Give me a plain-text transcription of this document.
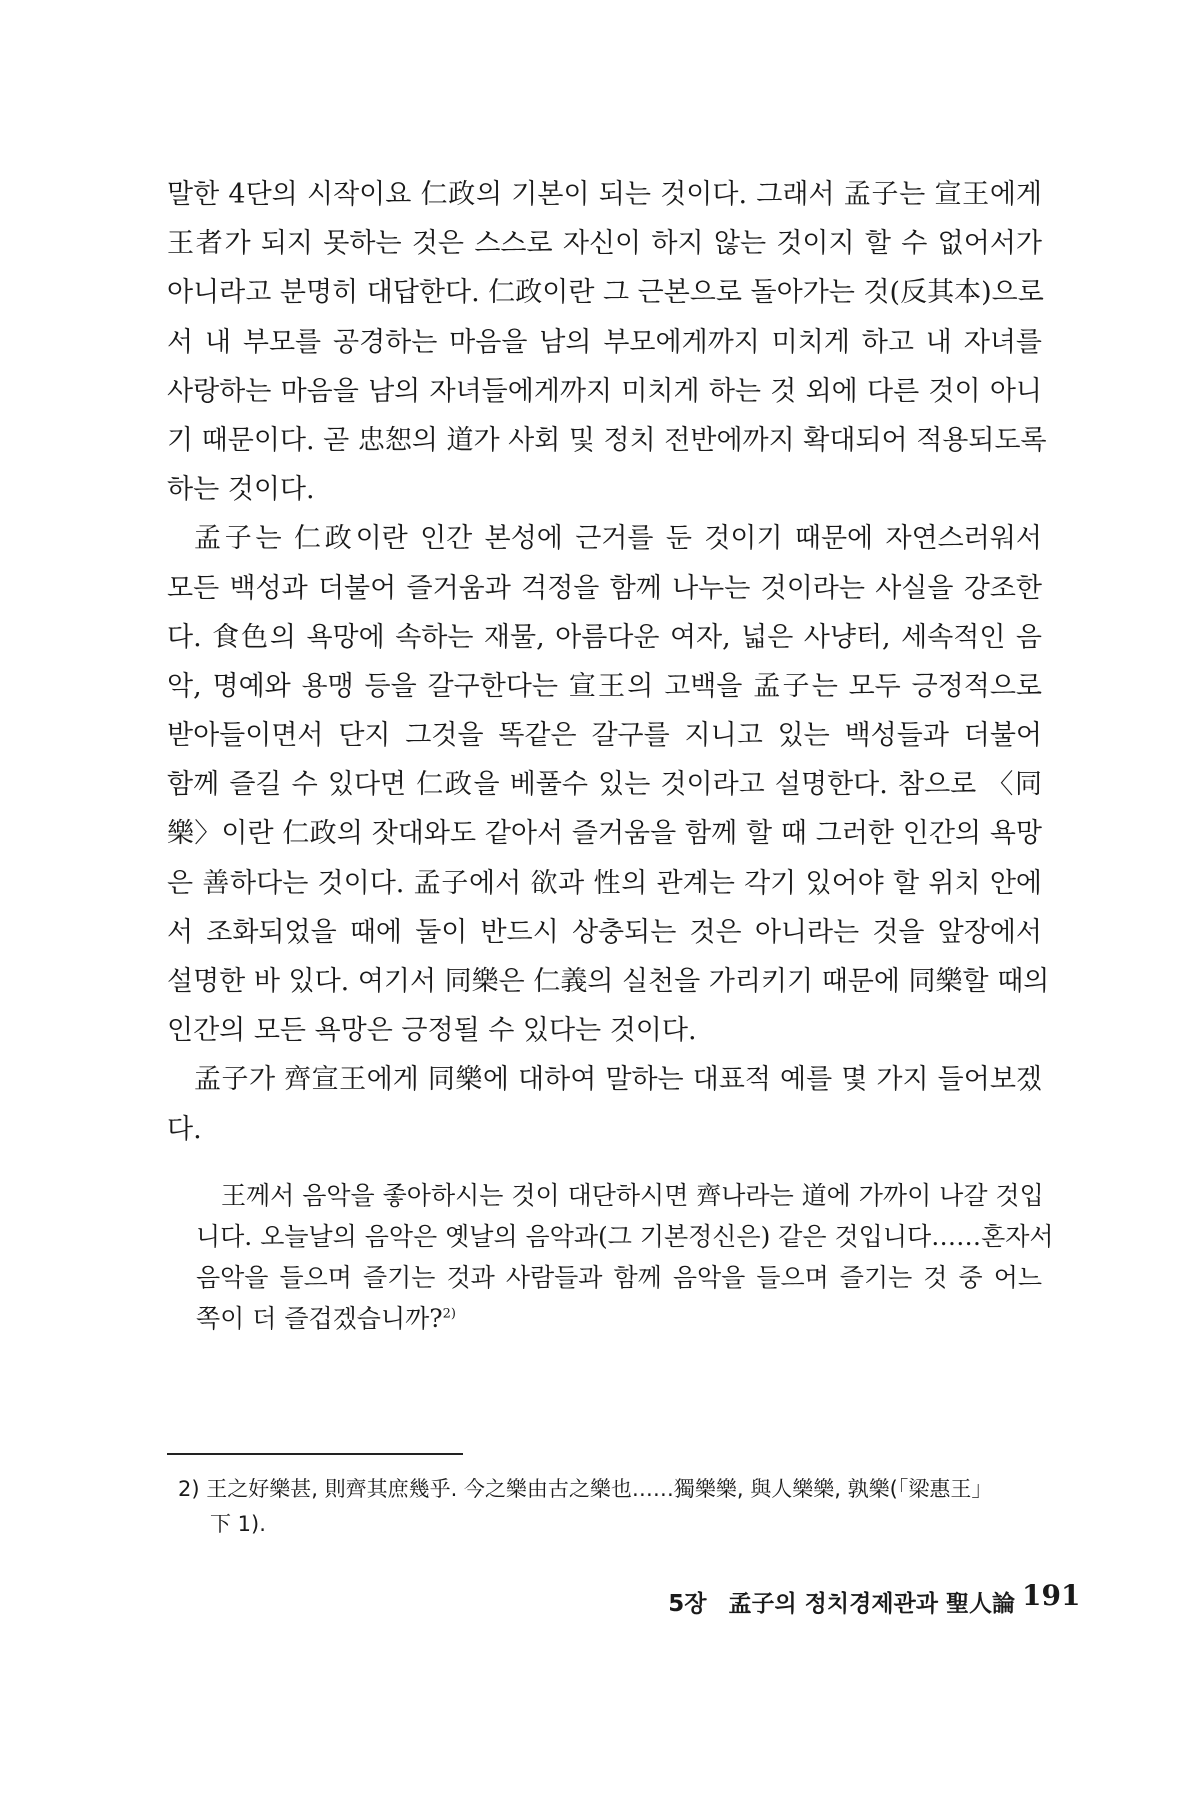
말한 4단의 시작이요 仁政의 기본이 되는 것이다. 그래서 孟子는 宣王에게
王者가 되지 못하는 것은 스스로 자신이 하지 않는 것이지 할 수 없어서가
아니라고 분명히 대답한다. 仁政이란 그 근본으로 돌아가는 것(反其本)으로
서 내 부모를 공경하는 마음을 남의 부모에게까지 미치게 하고 내 자녀를
사랑하는 마음을 남의 자녀들에게까지 미치게 하는 것 외에 다른 것이 아니
기 때문이다. 곧 忠恕의 道가 사회 및 정치 전반에까지 확대되어 적용되도록
하는 것이다.

孟子는 仁政이란 인간 본성에 근거를 둔 것이기 때문에 자연스러워서
모든 백성과 더불어 즐거움과 걱정을 함께 나누는 것이라는 사실을 강조한
다. 食色의 욕망에 속하는 재물, 아름다운 여자, 넓은 사냥터, 세속적인 음
악, 명예와 용맹 등을 갈구한다는 宣王의 고백을 孟子는 모두 긍정적으로
받아들이면서 단지 그것을 똑같은 갈구를 지니고 있는 백성들과 더불어
함께 즐길 수 있다면 仁政을 베풀수 있는 것이라고 설명한다. 참으로 〈同
樂〉이란 仁政의 잣대와도 같아서 즐거움을 함께 할 때 그러한 인간의 욕망
은 善하다는 것이다. 孟子에서 欲과 性의 관계는 각기 있어야 할 위치 안에
서 조화되었을 때에 둘이 반드시 상충되는 것은 아니라는 것을 앞장에서
설명한 바 있다. 여기서 同樂은 仁義의 실천을 가리키기 때문에 同樂할 때의
인간의 모든 욕망은 긍정될 수 있다는 것이다.

孟子가 齊宣王에게 同樂에 대하여 말하는 대표적 예를 몇 가지 들어보겠
다.

王께서 음악을 좋아하시는 것이 대단하시면 齊나라는 道에 가까이 나갈 것입
니다. 오늘날의 음악은 옛날의 음악과(그 기본정신은) 같은 것입니다……혼자서
음악을 들으며 즐기는 것과 사람들과 함께 음악을 들으며 즐기는 것 중 어느
쪽이 더 즐겁겠습니까?$^{2)}$
2) 王之好樂甚, 則齊其庶幾乎. 今之樂由古之樂也……獨樂樂, 與人樂樂, 孰樂(「梁惠王」
下 1).
5장 孟子의 정치경제관과 聖人論 191
